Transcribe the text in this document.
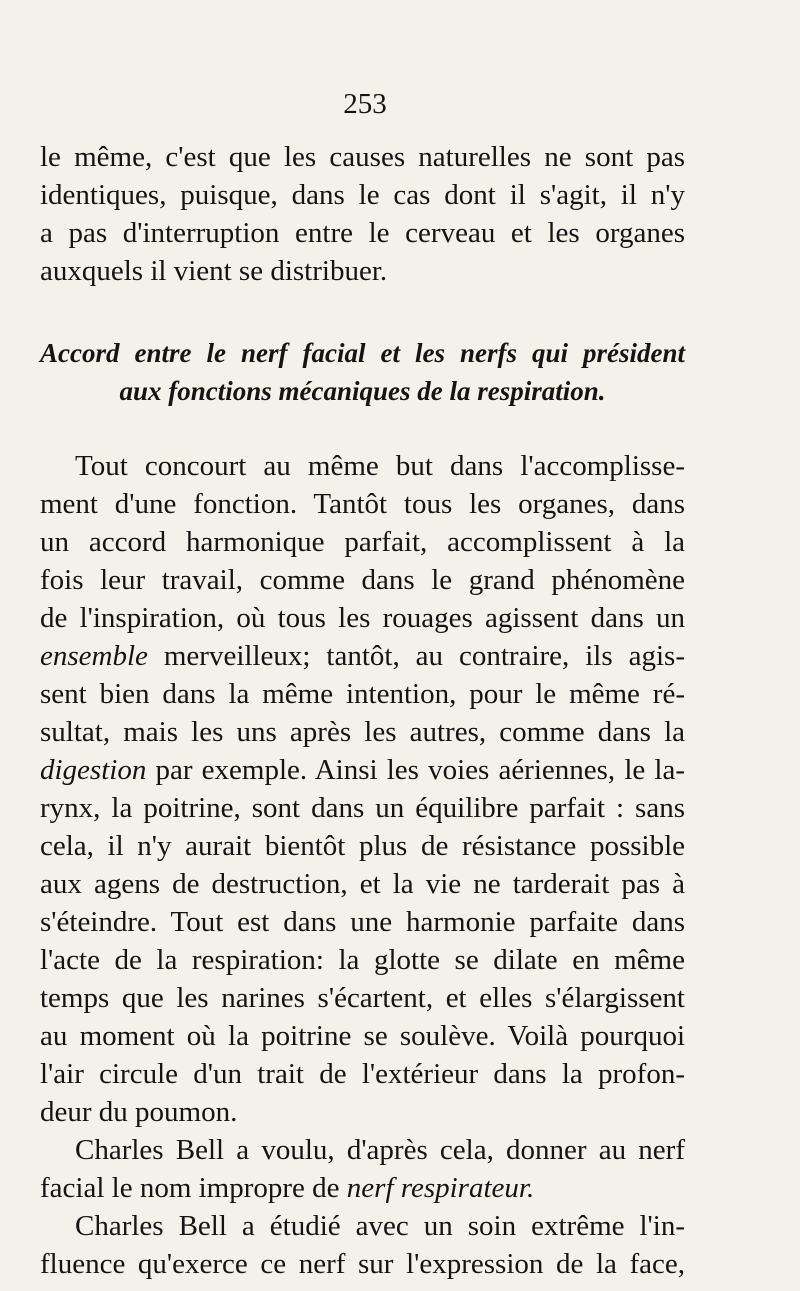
253
le même, c'est que les causes naturelles ne sont pas
identiques, puisque, dans le cas dont il s'agit, il n'y
a pas d'interruption entre le cerveau et les organes
auxquels il vient se distribuer.
Accord entre le nerf facial et les nerfs qui président
aux fonctions mécaniques de la respiration.
Tout concourt au même but dans l'accomplisse-
ment d'une fonction. Tantôt tous les organes, dans
un accord harmonique parfait, accomplissent à la
fois leur travail, comme dans le grand phénomène
de l'inspiration, où tous les rouages agissent dans un
ensemble merveilleux; tantôt, au contraire, ils agis-
sent bien dans la même intention, pour le même ré-
sultat, mais les uns après les autres, comme dans la
digestion par exemple. Ainsi les voies aériennes, le la-
rynx, la poitrine, sont dans un équilibre parfait : sans
cela, il n'y aurait bientôt plus de résistance possible
aux agens de destruction, et la vie ne tarderait pas à
s'éteindre. Tout est dans une harmonie parfaite dans
l'acte de la respiration: la glotte se dilate en même
temps que les narines s'écartent, et elles s'élargissent
au moment où la poitrine se soulève. Voilà pourquoi
l'air circule d'un trait de l'extérieur dans la profon-
deur du poumon.
Charles Bell a voulu, d'après cela, donner au nerf
facial le nom impropre de nerf respirateur.
Charles Bell a étudié avec un soin extrême l'in-
fluence qu'exerce ce nerf sur l'expression de la face,
